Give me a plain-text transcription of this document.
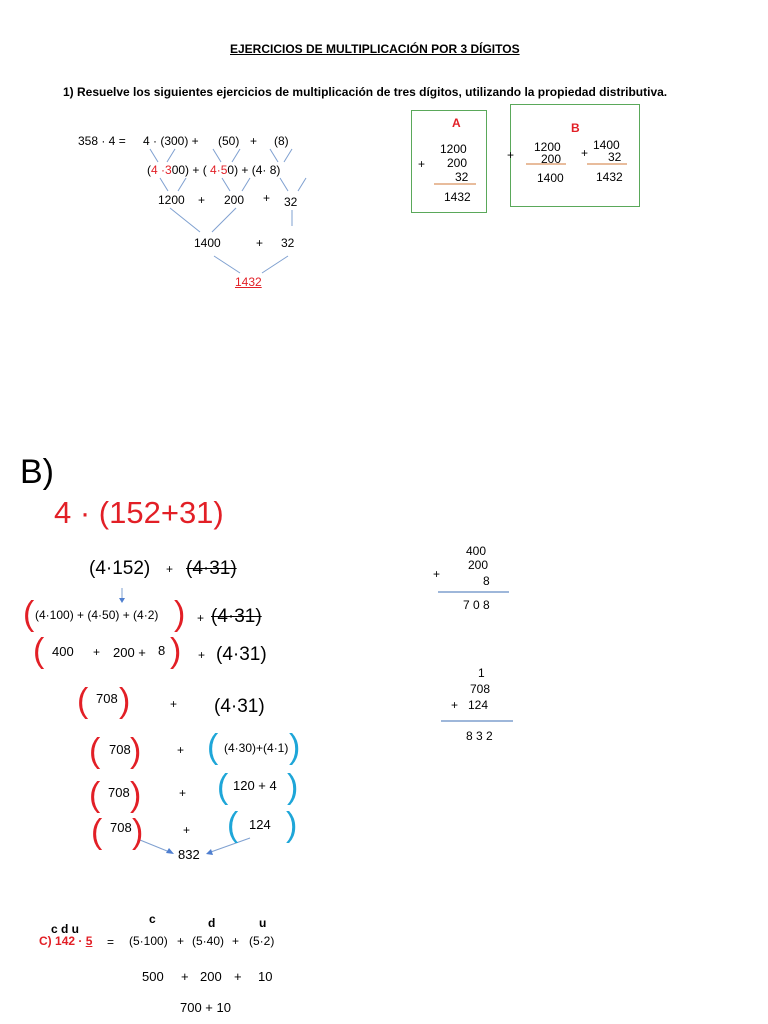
EJERCICIOS DE MULTIPLICACIÓN POR 3 DÍGITOS
1) Resuelve los siguientes ejercicios de multiplicación de tres dígitos, utilizando la propiedad distributiva.
358 · 4 = 4 · (300) + (50) + (8)
(4 ·300) + ( 4·50) + (4· 8)
1200 + 200 + 32
1400	+ 32
1432
A
1200
+ 200
32
1432
B
+
1200
200
1400
+
1400
32
1432
B)
4 · (152+31)
(4·152) + (4·31)
( (4·100) + (4·50) + (4·2) ) + (4·31)
( 400 + 200 + 8 ) + (4·31)
( 708 )	+ (4·31)
( 708 )	+ ( (4·30)+(4·1) )
( 708 )	+ ( 120 + 4 )
( 708 )	+ ( 124 )
832
400
+
200
8
7 0 8
1
708
+ 124
8 3 2
c d u
c	d	u
C) 142 · 5 = (5·100) + (5·40) + (5·2)
500 + 200 + 10
700 + 10
